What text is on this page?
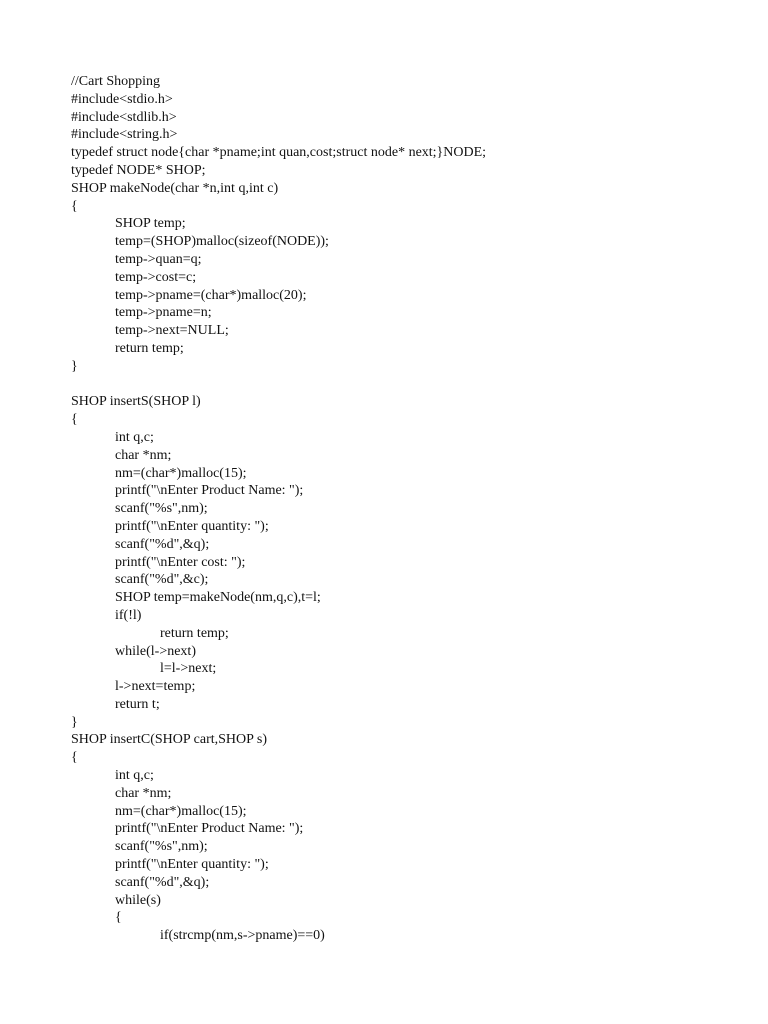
//Cart Shopping
#include<stdio.h>
#include<stdlib.h>
#include<string.h>
typedef struct node{char *pname;int quan,cost;struct node* next;}NODE;
typedef NODE* SHOP;
SHOP makeNode(char *n,int q,int c)
{
SHOP temp;
temp=(SHOP)malloc(sizeof(NODE));
temp->quan=q;
temp->cost=c;
temp->pname=(char*)malloc(20);
temp->pname=n;
temp->next=NULL;
return temp;
}
SHOP insertS(SHOP l)
{
int q,c;
char *nm;
nm=(char*)malloc(15);
printf("\nEnter Product Name: ");
scanf("%s",nm);
printf("\nEnter quantity: ");
scanf("%d",&q);
printf("\nEnter cost: ");
scanf("%d",&c);
SHOP temp=makeNode(nm,q,c),t=l;
if(!l)
return temp;
while(l->next)
l=l->next;
l->next=temp;
return t;
}
SHOP insertC(SHOP cart,SHOP s)
{
int q,c;
char *nm;
nm=(char*)malloc(15);
printf("\nEnter Product Name: ");
scanf("%s",nm);
printf("\nEnter quantity: ");
scanf("%d",&q);
while(s)
{
if(strcmp(nm,s->pname)==0)
